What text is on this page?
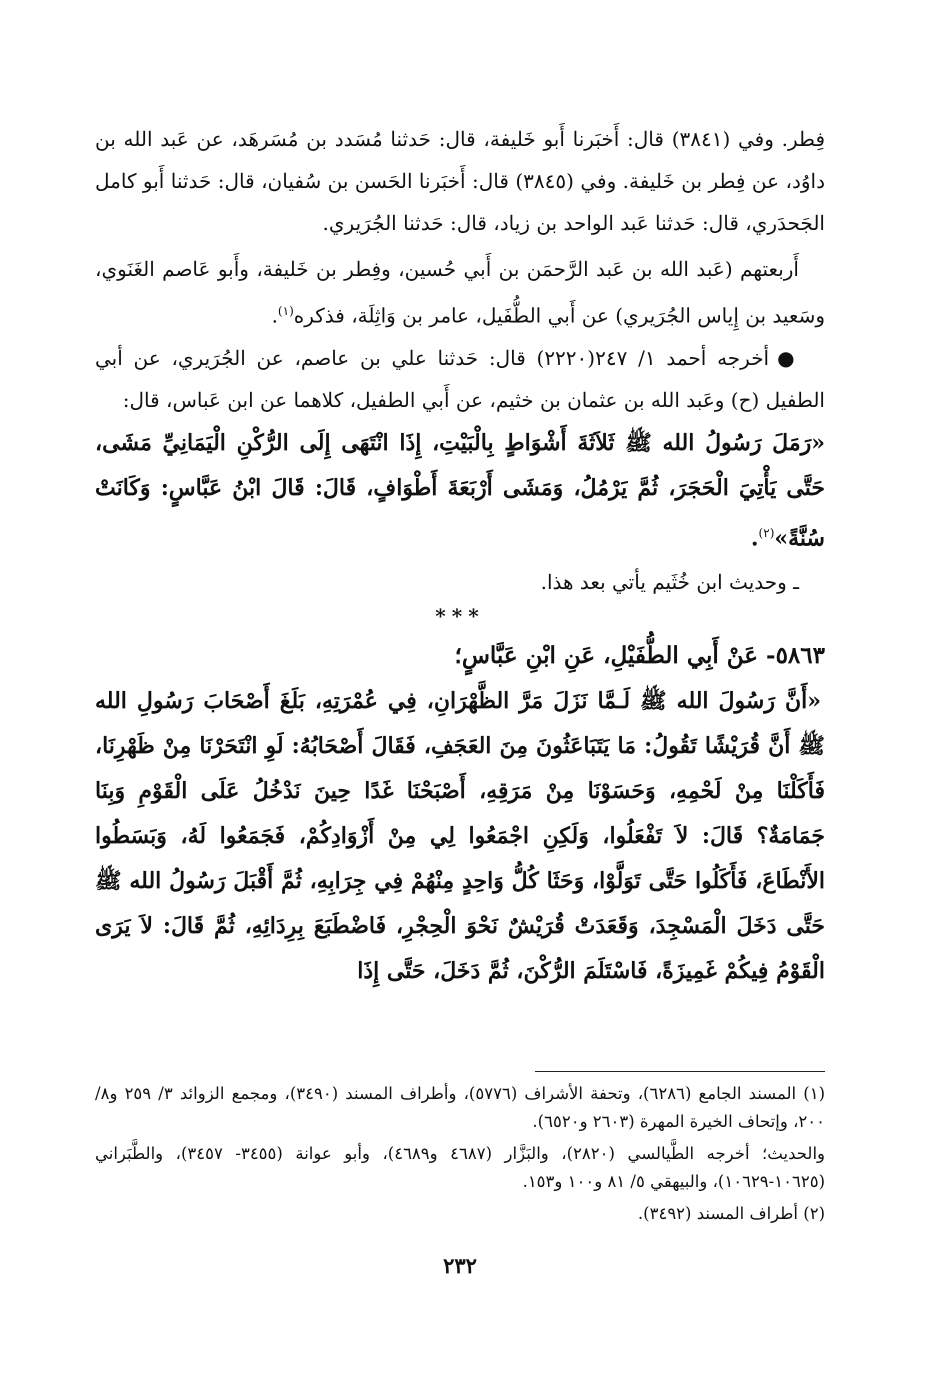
فِطر. وفي (٣٨٤١) قال: أَخبَرنا أَبو خَليفة، قال: حَدثنا مُسَدد بن مُسَرهَد، عن عَبد الله بن داوُد، عن فِطر بن خَليفة. وفي (٣٨٤٥) قال: أَخبَرنا الحَسن بن سُفيان، قال: حَدثنا أَبو كامل الجَحدَري، قال: حَدثنا عَبد الواحد بن زياد، قال: حَدثنا الجُرَيري.

أَربعتهم (عَبد الله بن عَبد الرَّحمَن بن أَبي حُسين، وفِطر بن خَليفة، وأَبو عَاصم الغَنَوي، وسَعيد بن إِياس الجُرَيري) عن أَبي الطُّفَيل، عامر بن وَاثِلَة، فذكره$^{(١)}$.

●أخرجه أحمد ١/ ٢٤٧(٢٢٢٠) قال: حَدثنا علي بن عاصم، عن الجُرَيري، عن أبي الطفيل (ح) وعَبد الله بن عثمان بن خثيم، عن أَبي الطفيل، كلاهما عن ابن عَباس، قال:

«رَمَلَ رَسُولُ الله ﷺ ثَلاَثَةَ أَشْوَاطٍ بِالْبَيْتِ، إِذَا انْتَهَى إِلَى الرُّكْنِ الْيَمَانِيِّ مَشَى، حَتَّى يَأْتِيَ الْحَجَرَ، ثُمَّ يَرْمُلُ، وَمَشَى أَرْبَعَةَ أَطْوَافٍ، قَالَ: قَالَ ابْنُ عَبَّاسٍ: وَكَانَتْ سُنَّةً»$^{(٢)}$.

ـ وحديث ابن خُثَيم يأتي بعد هذا.

***

٥٨٦٣- عَنْ أَبِي الطُّفَيْلِ، عَنِ ابْنِ عَبَّاسٍ؛

«أَنَّ رَسُولَ الله ﷺ لَـمَّا نَزَلَ مَرَّ الظَّهْرَانِ، فِي عُمْرَتِهِ، بَلَغَ أَصْحَابَ رَسُولِ الله ﷺ أَنَّ قُرَيْشًا تَقُولُ: مَا يَتَبَاعَثُونَ مِنَ العَجَفِ، فَقَالَ أَصْحَابُهُ: لَوِ انْتَحَرْنَا مِنْ ظَهْرِنَا، فَأَكَلْنَا مِنْ لَحْمِهِ، وَحَسَوْنَا مِنْ مَرَقِهِ، أَصْبَحْنَا غَدًا حِينَ نَدْخُلُ عَلَى الْقَوْمِ وَبِنَا جَمَامَةٌ؟ قَالَ: لاَ تَفْعَلُوا، وَلَكِنِ اجْمَعُوا لِي مِنْ أَزْوَادِكُمْ، فَجَمَعُوا لَهُ، وَبَسَطُوا الأَنْطَاعَ، فَأَكَلُوا حَتَّى تَوَلَّوْا، وَحَثَا كُلُّ وَاحِدٍ مِنْهُمْ فِي جِرَابِهِ، ثُمَّ أَقْبَلَ رَسُولُ الله ﷺ حَتَّى دَخَلَ الْمَسْجِدَ، وَقَعَدَتْ قُرَيْشٌ نَحْوَ الْحِجْرِ، فَاضْطَبَعَ بِرِدَائِهِ، ثُمَّ قَالَ: لاَ يَرَى الْقَوْمُ فِيكُمْ غَمِيزَةً، فَاسْتَلَمَ الرُّكْنَ، ثُمَّ دَخَلَ، حَتَّى إِذَا

(١) المسند الجامع (٦٢٨٦)، وتحفة الأشراف (٥٧٧٦)، وأطراف المسند (٣٤٩٠)، ومجمع الزوائد ٣/ ٢٥٩ و٨/ ٢٠٠، وإتحاف الخيرة المهرة (٢٦٠٣ و٦٥٢٠).

والحديث؛ أخرجه الطَّيالسي (٢٨٢٠)، والبَزَّار (٤٦٨٧ و٤٦٨٩)، وأبو عوانة (٣٤٥٥- ٣٤٥٧)، والطَّبَراني (١٠٦٢٥-١٠٦٢٩)، والبيهقي ٥/ ٨١ و١٠٠ و١٥٣.

(٢) أطراف المسند (٣٤٩٢).

٢٣٢
